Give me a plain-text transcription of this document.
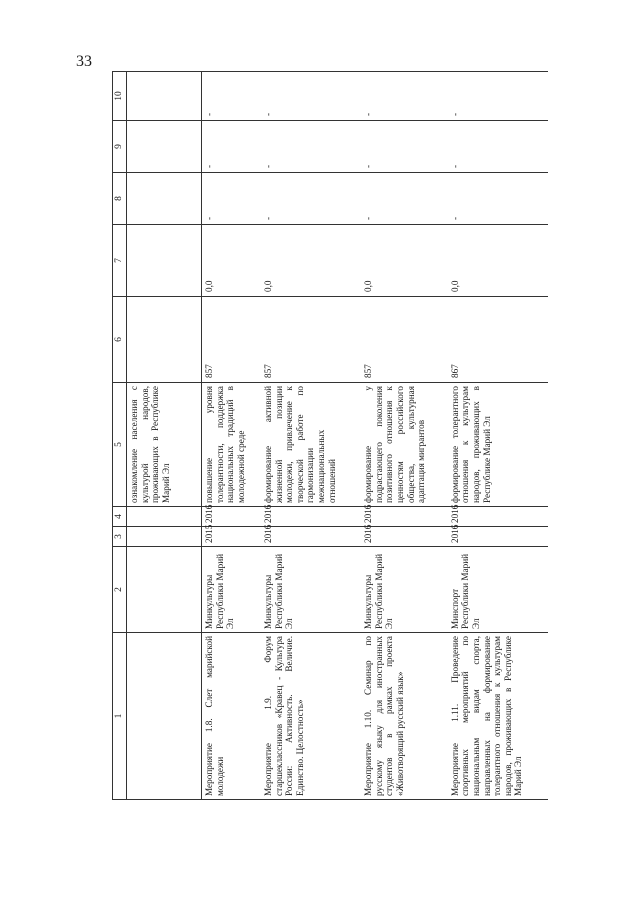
33
1	2	3	4	5	6	7	8	9	10
				ознакомление населения с культурой народов, проживающих в Республике Марий Эл					
Мероприятие 1.8. Слет марийской молодежи	Минкультуры Республики Марий Эл	2015	2016	повышение уровня толерантности, поддержка национальных традиций в молодежной среде	857	0,0	-	-	-
Мероприятие 1.9. Форум старшеклассников «Кравец - Культура России: Активность. Величие. Единство. Целостность»	Минкультуры Республики Марий Эл	2016	2016	формирование активной жизненной позиции молодежи, привлечение к творческой работе по гармонизации межнациональных отношений	857	0,0	-	-	-
Мероприятие 1.10. Семинар по русскому языку для иностранных студентов в рамках проекта «Животворящий русский язык»	Минкультуры Республики Марий Эл	2016	2016	формирование у подрастающего поколения позитивного отношения к ценностям российского общества, культурная адаптация мигрантов	857	0,0	-	-	-
Мероприятие 1.11. Проведение спортивных мероприятий по национальным видам спорта, направленных на формирование толерантного отношения к культурам народов, проживающих в Республике Марий Эл	Минспорт Республики Марий Эл	2016	2016	формирование толерантного отношения к культурам народов, проживающих в Республике Марий Эл	867	0,0	-	-	-
